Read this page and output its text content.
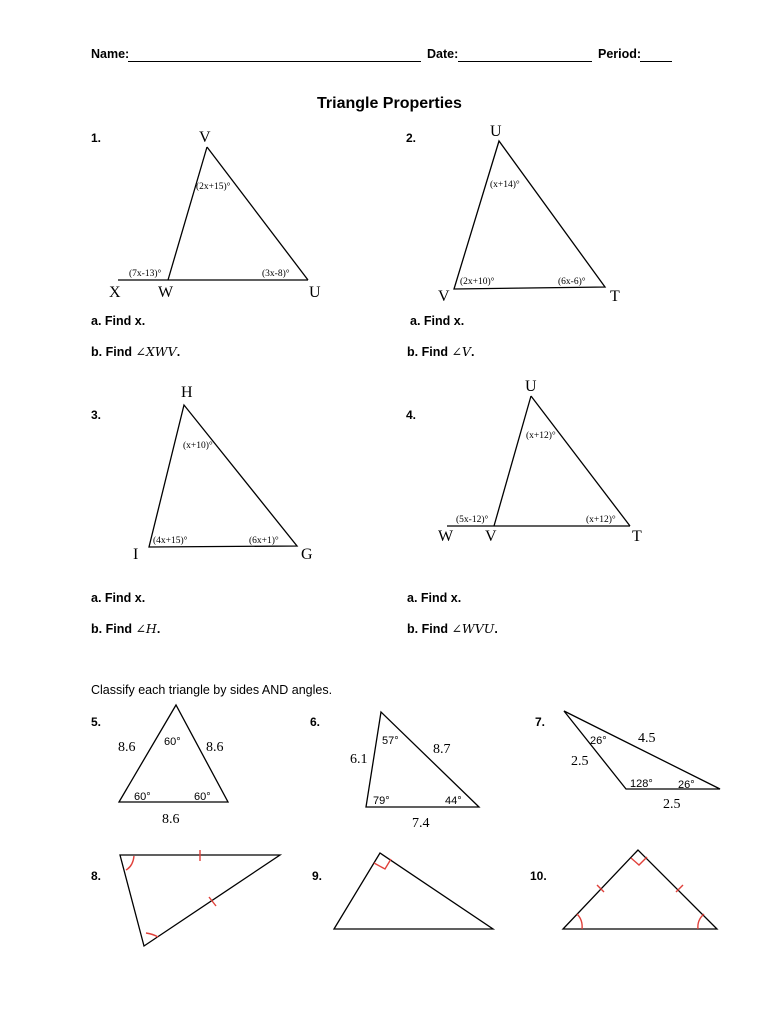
Name:	Date:	Period:
Triangle Properties
1.	2.
3.	4.
a. Find x.
b. Find ∠XWV.
a. Find x.
b. Find ∠V.
a. Find x.
b. Find ∠H.
a. Find x.
b. Find ∠WVU.
Classify each triangle by sides AND angles.
5.	6.	7.
8.	9.	10.
V
X W	U
(2x+15)°
(7x-13)°	(3x-8)°
U
V	T
(x+14)°
(2x+10)°	(6x-6)°
H
I	G
(x+10)°
(4x+15)°	(6x+1)°
U
W V	T
(x+12)°
(5x-12)°	(x+12)°
8.6	8.6
8.6
60°
60°	60°
6.1
8.7
7.4
57°
79°	44°
2.5
4.5
2.5
26°
128° 26°
